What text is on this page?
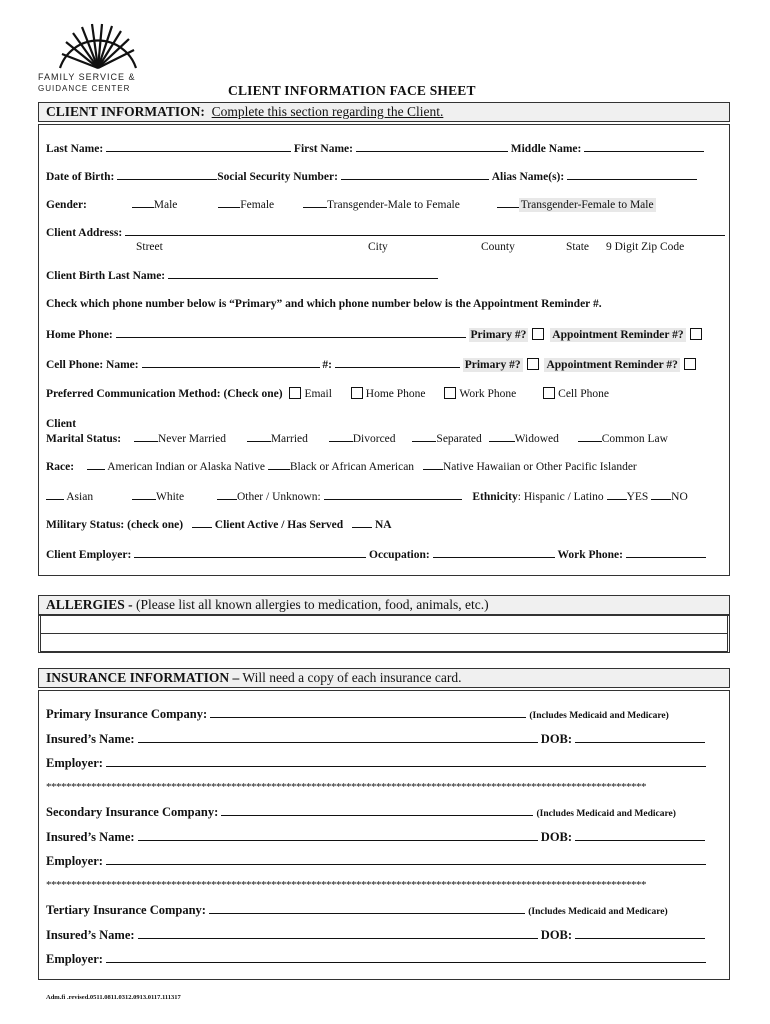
FAMILY SERVICE &
GUIDANCE CENTER	CLIENT INFORMATION FACE SHEET
CLIENT INFORMATION: Complete this section regarding the Client.
Last Name:	First Name:	Middle Name:
Date of Birth:	Social Security Number:	Alias Name(s):
Gender:	Male	Female	Transgender-Male to Female	Transgender-Female to Male
Client Address:
Street	City	County	State 9 Digit Zip Code
Client Birth Last Name:
Check which phone number below is “Primary” and which phone number below is the Appointment Reminder #.
Home Phone:	Primary #? Appointment Reminder #?
Cell Phone: Name:	#:	Primary #? Appointment Reminder #?
Preferred Communication Method: (Check one) Email	Home Phone	Work Phone	Cell Phone
Client
Marital Status:	Never Married	Married	Divorced	Separated	Widowed	Common Law
Race:	American Indian or Alaska Native Black or African American	Native Hawaiian or Other Pacific Islander
Asian	White	Other / Unknown:	Ethnicity: Hispanic / Latino YES NO
Military Status: (check one)	Client Active / Has Served	NA
Client Employer:	Occupation:	Work Phone:
ALLERGIES - (Please list all known allergies to medication, food, animals, etc.)
INSURANCE INFORMATION – Will need a copy of each insurance card.
Primary Insurance Company:	(Includes Medicaid and Medicare)
Insured’s Name:	DOB:
Employer:
************************************************************************************************************************
Secondary Insurance Company:	(Includes Medicaid and Medicare)
Insured’s Name:	DOB:
Employer:
************************************************************************************************************************
Tertiary Insurance Company:	(Includes Medicaid and Medicare)
Insured’s Name:	DOB:
Employer:
Adm.fi .revised.0511.0811.0312.0913.0117.111317
